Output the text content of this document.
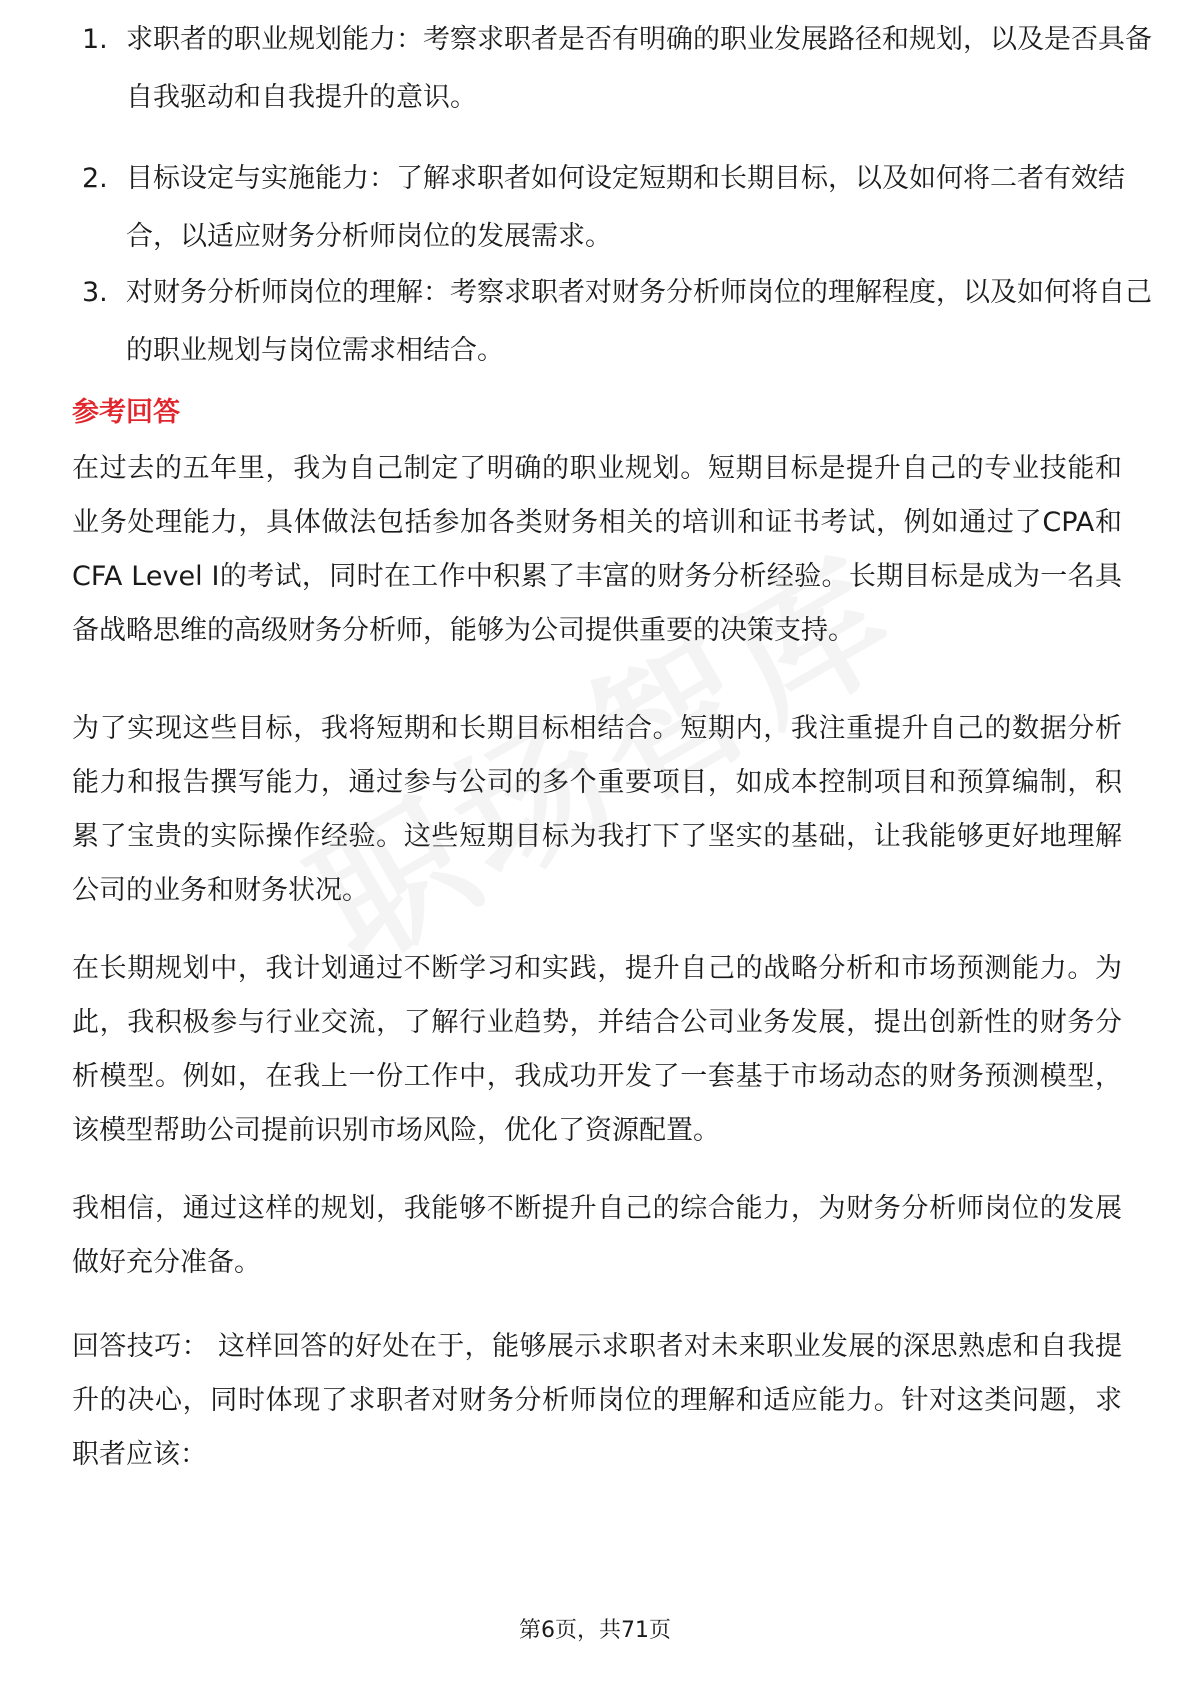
1. 求职者的职业规划能力：考察求职者是否有明确的职业发展路径和规划，以及是否具备自我驱动和自我提升的意识。
2. 目标设定与实施能力：了解求职者如何设定短期和长期目标，以及如何将二者有效结合，以适应财务分析师岗位的发展需求。
3. 对财务分析师岗位的理解：考察求职者对财务分析师岗位的理解程度，以及如何将自己的职业规划与岗位需求相结合。
参考回答

在过去的五年里，我为自己制定了明确的职业规划。短期目标是提升自己的专业技能和业务处理能力，具体做法包括参加各类财务相关的培训和证书考试，例如通过了CPA和CFA Level I的考试，同时在工作中积累了丰富的财务分析经验。长期目标是成为一名具备战略思维的高级财务分析师，能够为公司提供重要的决策支持。

为了实现这些目标，我将短期和长期目标相结合。短期内，我注重提升自己的数据分析能力和报告撰写能力，通过参与公司的多个重要项目，如成本控制项目和预算编制，积累了宝贵的实际操作经验。这些短期目标为我打下了坚实的基础，让我能够更好地理解公司的业务和财务状况。

在长期规划中，我计划通过不断学习和实践，提升自己的战略分析和市场预测能力。为此，我积极参与行业交流，了解行业趋势，并结合公司业务发展，提出创新性的财务分析模型。例如，在我上一份工作中，我成功开发了一套基于市场动态的财务预测模型，该模型帮助公司提前识别市场风险，优化了资源配置。

我相信，通过这样的规划，我能够不断提升自己的综合能力，为财务分析师岗位的发展做好充分准备。

回答技巧： 这样回答的好处在于，能够展示求职者对未来职业发展的深思熟虑和自我提升的决心，同时体现了求职者对财务分析师岗位的理解和适应能力。针对这类问题，求职者应该：

第6页，共71页
